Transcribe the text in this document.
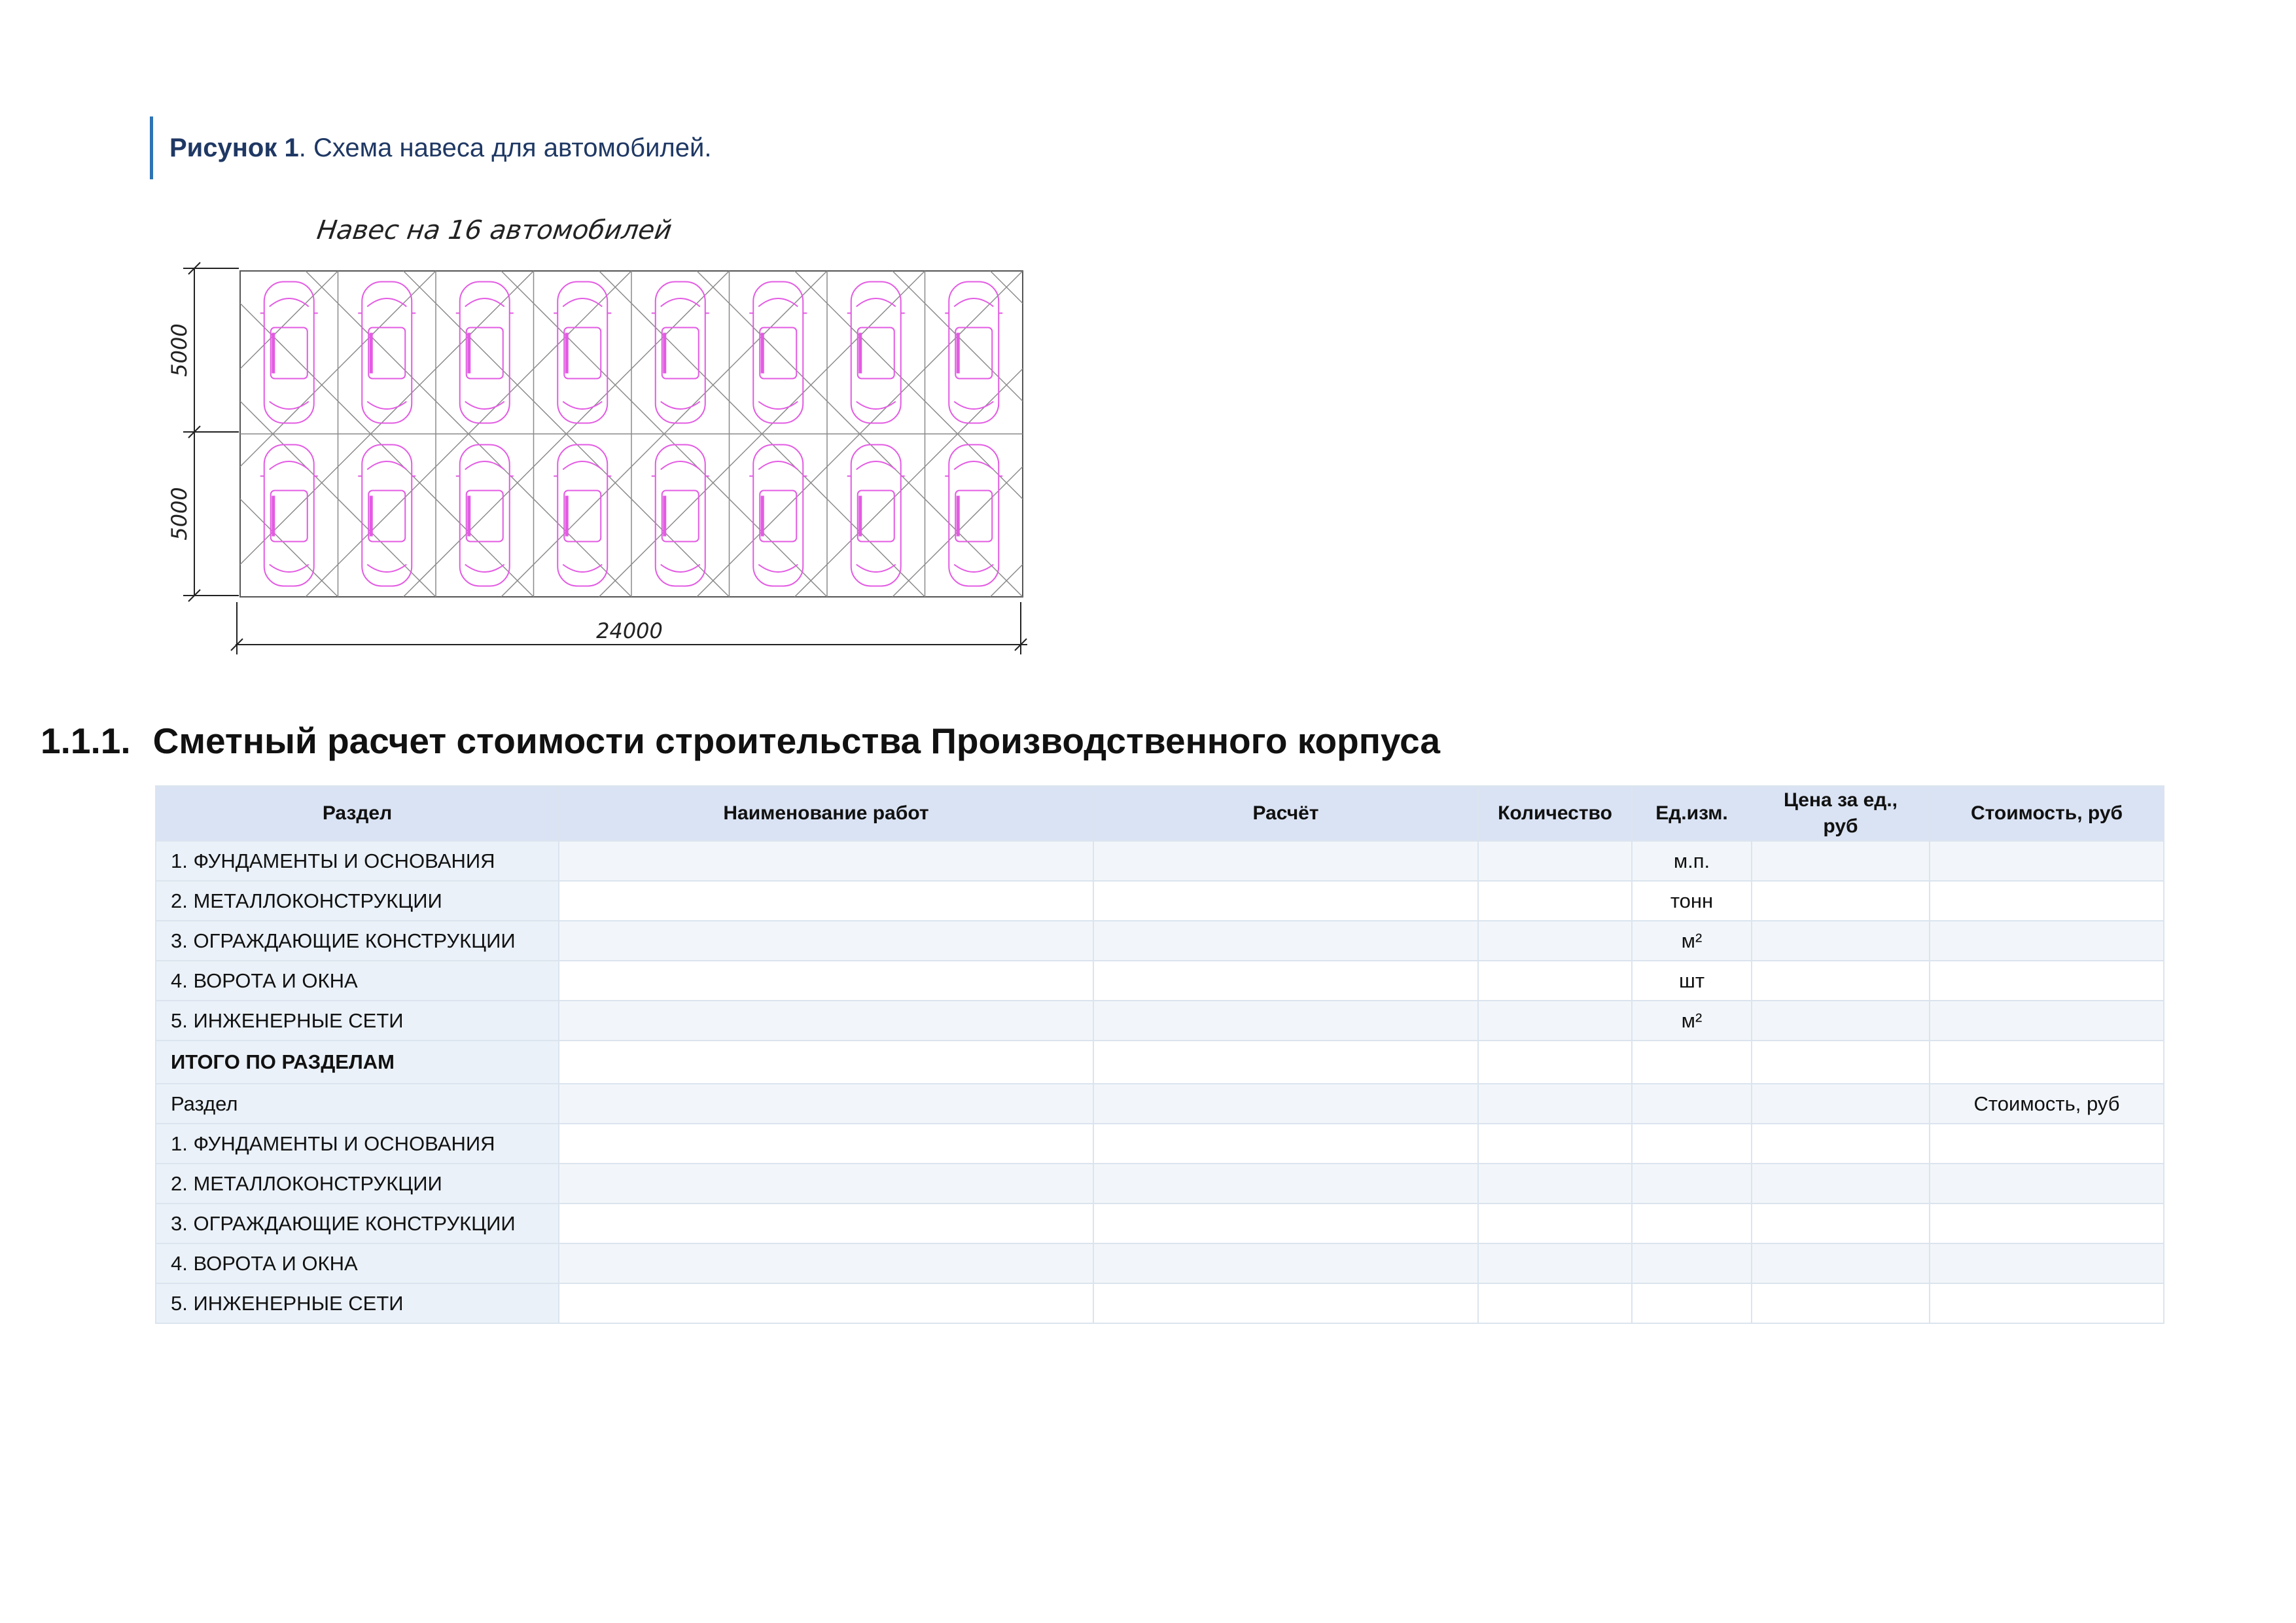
Рисунок 1. Схема навеса для автомобилей.
Навес на 16 автомобилей
5000
5000
24000
1.1.1. Сметный расчет стоимости строительства Производственного корпуса
Раздел	Наименование работ	Расчёт	Количество	Ед.изм.	Цена за ед., руб	Стоимость, руб
1. ФУНДАМЕНТЫ И ОСНОВАНИЯ				м.п.		
2. МЕТАЛЛОКОНСТРУКЦИИ				тонн		
3. ОГРАЖДАЮЩИЕ КОНСТРУКЦИИ				м²		
4. ВОРОТА И ОКНА				шт		
5. ИНЖЕНЕРНЫЕ СЕТИ				м²		
ИТОГО ПО РАЗДЕЛАМ						
Раздел						Стоимость, руб
1. ФУНДАМЕНТЫ И ОСНОВАНИЯ						
2. МЕТАЛЛОКОНСТРУКЦИИ						
3. ОГРАЖДАЮЩИЕ КОНСТРУКЦИИ						
4. ВОРОТА И ОКНА						
5. ИНЖЕНЕРНЫЕ СЕТИ						
